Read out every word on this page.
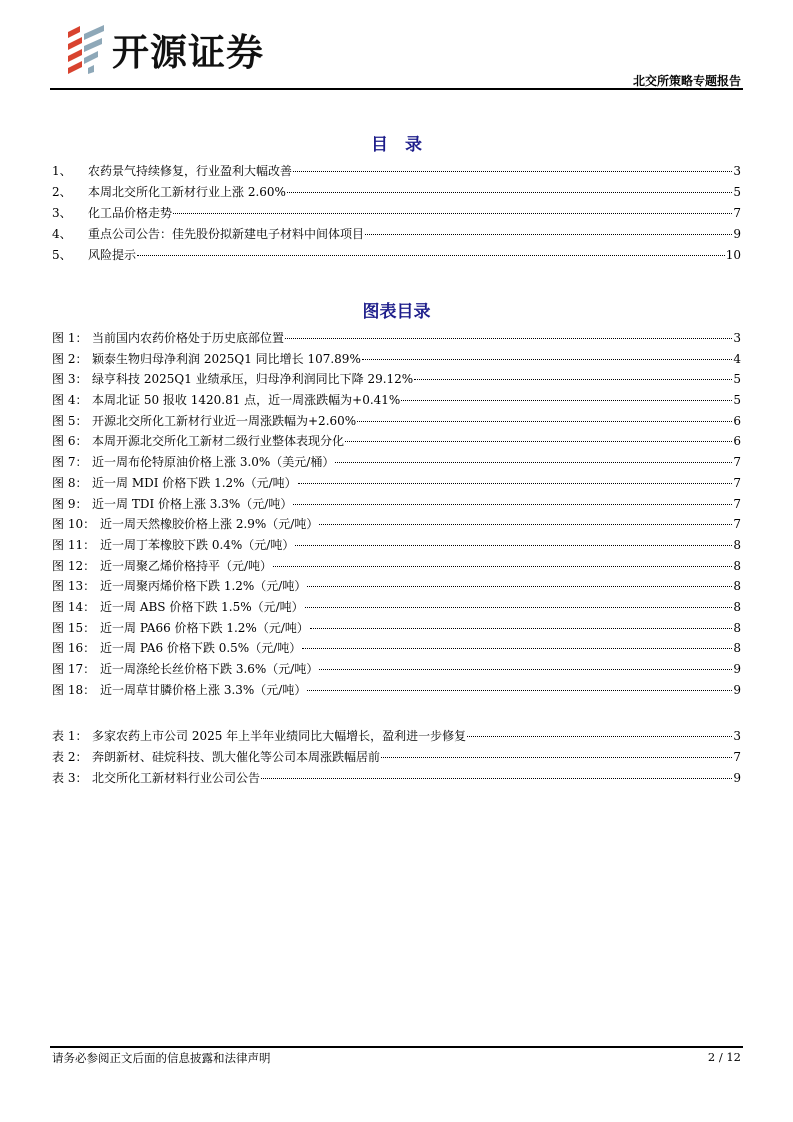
开源证券
北交所策略专题报告
目　录
1、	农药景气持续修复，行业盈利大幅改善	3
2、	本周北交所化工新材行业上涨 2.60%	5
3、	化工品价格走势	7
4、	重点公司公告：佳先股份拟新建电子材料中间体项目	9
5、	风险提示	10
图表目录
图 1： 当前国内农药价格处于历史底部位置	3
图 2： 颖泰生物归母净利润 2025Q1 同比增长 107.89%	4
图 3： 绿亨科技 2025Q1 业绩承压，归母净利润同比下降 29.12%	5
图 4： 本周北证 50 报收 1420.81 点，近一周涨跌幅为+0.41%	5
图 5： 开源北交所化工新材行业近一周涨跌幅为+2.60%	6
图 6： 本周开源北交所化工新材二级行业整体表现分化	6
图 7： 近一周布伦特原油价格上涨 3.0%（美元/桶）	7
图 8： 近一周 MDI 价格下跌 1.2%（元/吨）	7
图 9： 近一周 TDI 价格上涨 3.3%（元/吨）	7
图 10： 近一周天然橡胶价格上涨 2.9%（元/吨）	7
图 11： 近一周丁苯橡胶下跌 0.4%（元/吨）	8
图 12： 近一周聚乙烯价格持平（元/吨）	8
图 13： 近一周聚丙烯价格下跌 1.2%（元/吨）	8
图 14： 近一周 ABS 价格下跌 1.5%（元/吨）	8
图 15： 近一周 PA66 价格下跌 1.2%（元/吨）	8
图 16： 近一周 PA6 价格下跌 0.5%（元/吨）	8
图 17： 近一周涤纶长丝价格下跌 3.6%（元/吨）	9
图 18： 近一周草甘膦价格上涨 3.3%（元/吨）	9
表 1： 多家农药上市公司 2025 年上半年业绩同比大幅增长，盈利进一步修复	3
表 2： 奔朗新材、硅烷科技、凯大催化等公司本周涨跌幅居前	7
表 3： 北交所化工新材料行业公司公告	9
请务必参阅正文后面的信息披露和法律声明	2 / 12
